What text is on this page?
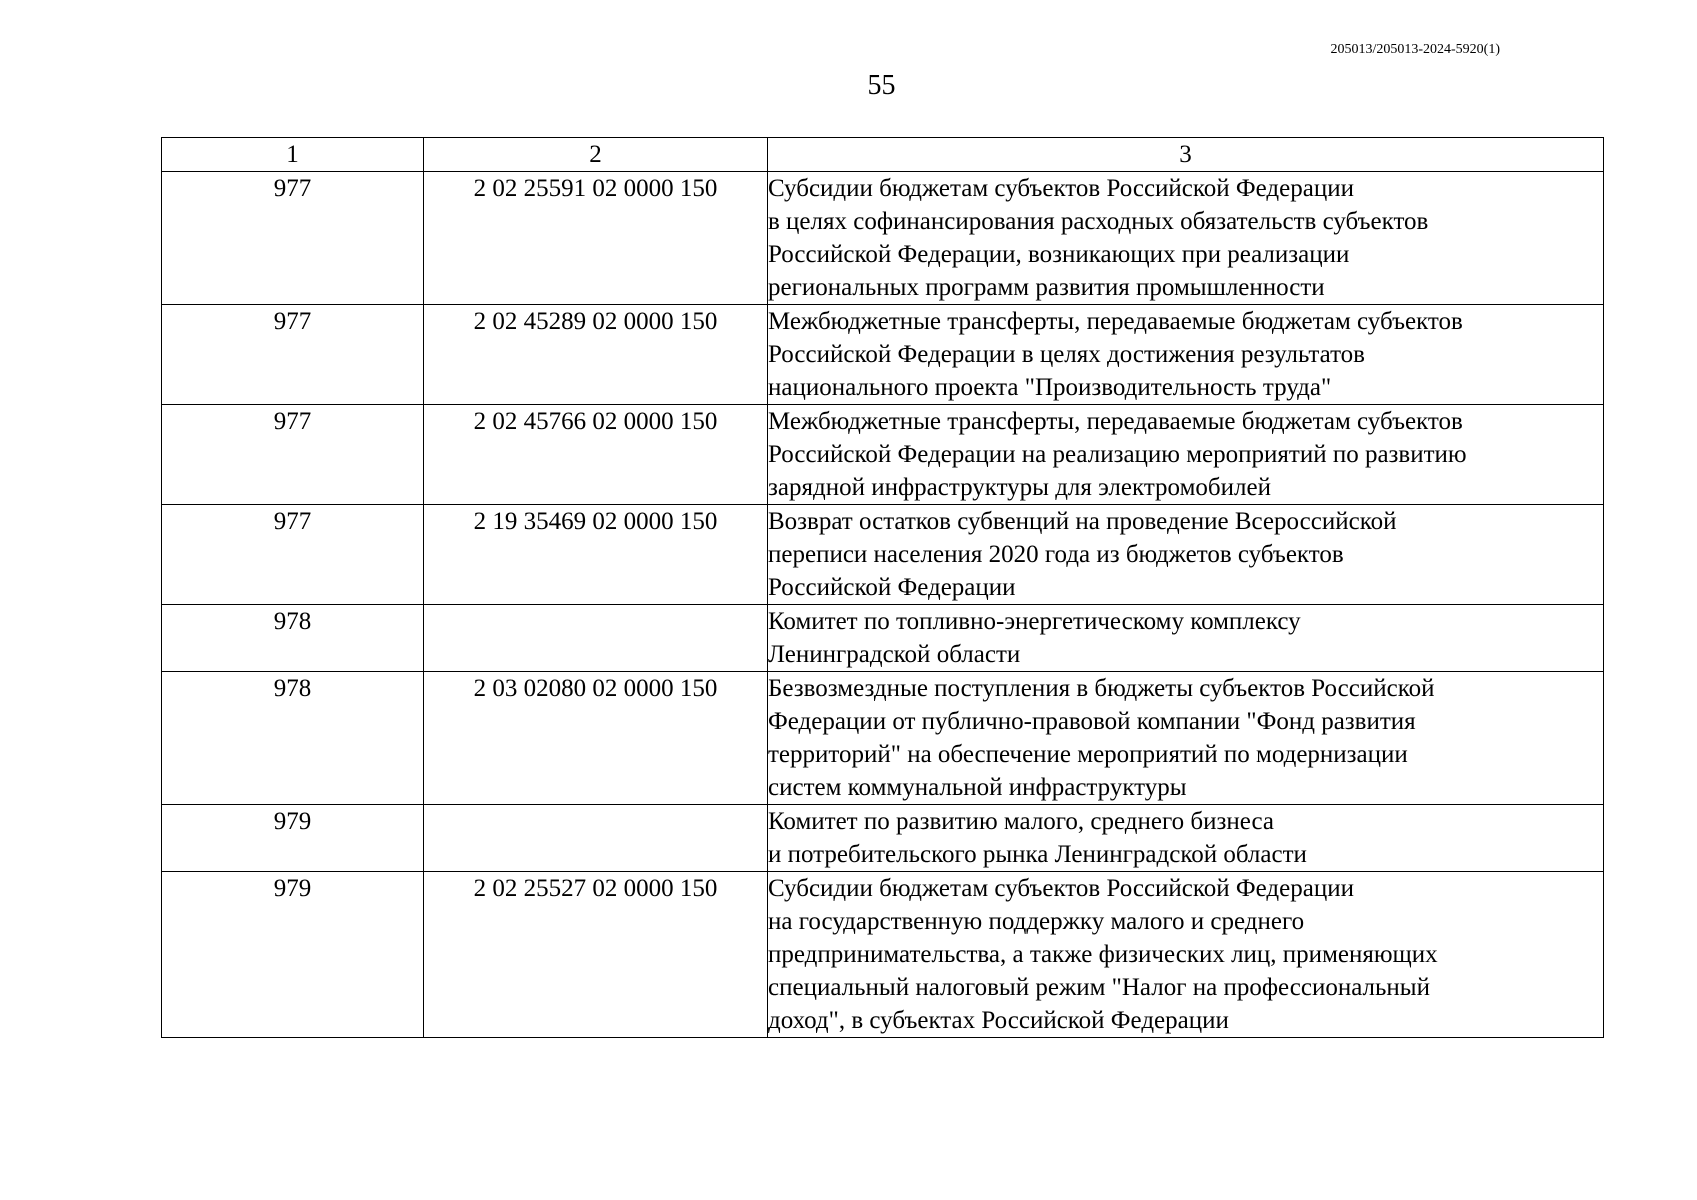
205013/205013-2024-5920(1)
55
1	2	3
977	2 02 25591 02 0000 150	Субсидии бюджетам субъектов Российской Федерации
в целях софинансирования расходных обязательств субъектов
Российской Федерации, возникающих при реализации
региональных программ развития промышленности

977	2 02 45289 02 0000 150	Межбюджетные трансферты, передаваемые бюджетам субъектов
Российской Федерации в целях достижения результатов
национального проекта "Производительность труда"

977	2 02 45766 02 0000 150	Межбюджетные трансферты, передаваемые бюджетам субъектов
Российской Федерации на реализацию мероприятий по развитию
зарядной инфраструктуры для электромобилей

977	2 19 35469 02 0000 150	Возврат остатков субвенций на проведение Всероссийской
переписи населения 2020 года из бюджетов субъектов
Российской Федерации

978		Комитет по топливно-энергетическому комплексу
Ленинградской области

978	2 03 02080 02 0000 150	Безвозмездные поступления в бюджеты субъектов Российской
Федерации от публично-правовой компании "Фонд развития
территорий" на обеспечение мероприятий по модернизации
систем коммунальной инфраструктуры

979		Комитет по развитию малого, среднего бизнеса
и потребительского рынка Ленинградской области

979	2 02 25527 02 0000 150	Субсидии бюджетам субъектов Российской Федерации
на государственную поддержку малого и среднего
предпринимательства, а также физических лиц, применяющих
специальный налоговый режим "Налог на профессиональный
доход", в субъектах Российской Федерации
